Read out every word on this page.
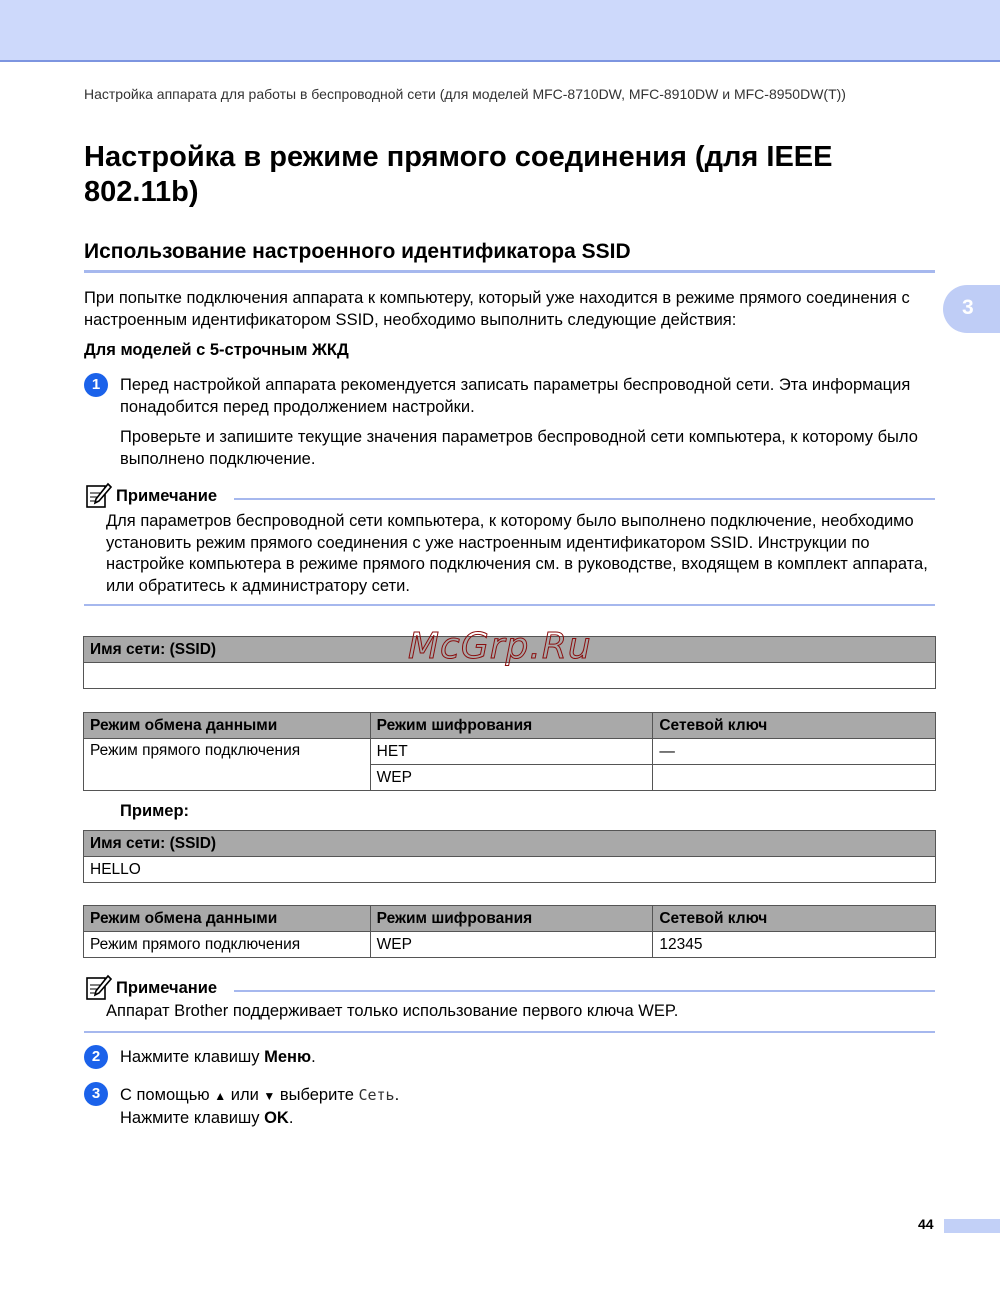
Настройка аппарата для работы в беспроводной сети (для моделей MFC-8710DW, MFC-8910DW и MFC-8950DW(T))
3
Настройка в режиме прямого соединения (для IEEE 802.11b)
Использование настроенного идентификатора SSID
При попытке подключения аппарата к компьютеру, который уже находится в режиме прямого соединения с настроенным идентификатором SSID, необходимо выполнить следующие действия:
Для моделей с 5-строчным ЖКД
1	Перед настройкой аппарата рекомендуется записать параметры беспроводной сети. Эта информация понадобится перед продолжением настройки.
Проверьте и запишите текущие значения параметров беспроводной сети компьютера, к которому было выполнено подключение.
Примечание
Для параметров беспроводной сети компьютера, к которому было выполнено подключение, необходимо установить режим прямого соединения с уже настроенным идентификатором SSID. Инструкции по настройке компьютера в режиме прямого подключения см. в руководстве, входящем в комплект аппарата, или обратитесь к администратору сети.
Имя сети: (SSID)

Режим обмена данными	Режим шифрования	Сетевой ключ
Режим прямого подключения	НЕТ	—
	WEP	
McGrp.Ru
Пример:
Имя сети: (SSID)
HELLO
Режим обмена данными	Режим шифрования	Сетевой ключ
Режим прямого подключения	WEP	12345
Примечание
Аппарат Brother поддерживает только использование первого ключа WEP.
2	Нажмите клавишу Меню.
3	С помощью ▲ или ▼ выберите Сеть.
Нажмите клавишу OK.
44
